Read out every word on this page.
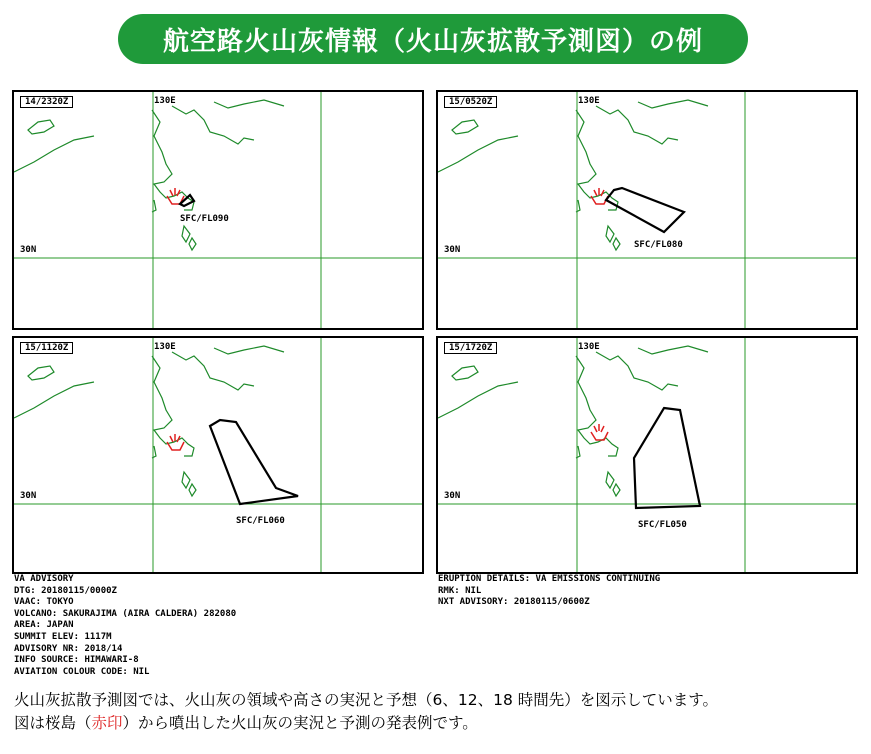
航空路火山灰情報（火山灰拡散予測図）の例
14/2320Z	130E
30N
SFC/FL090
15/0520Z	130E
30N	SFC/FL080
15/1120Z	130E
30N
SFC/FL060
15/1720Z	130E
30N
SFC/FL050
VA ADVISORY
DTG: 20180115/0000Z
VAAC: TOKYO
VOLCANO: SAKURAJIMA (AIRA CALDERA) 282080
AREA: JAPAN
SUMMIT ELEV: 1117M
ADVISORY NR: 2018/14
INFO SOURCE: HIMAWARI-8
AVIATION COLOUR CODE: NIL
ERUPTION DETAILS: VA EMISSIONS CONTINUING
RMK: NIL
NXT ADVISORY: 20180115/0600Z
火山灰拡散予測図では、火山灰の領域や高さの実況と予想（6、12、18 時間先）を図示しています。
図は桜島（赤印）から噴出した火山灰の実況と予測の発表例です。
